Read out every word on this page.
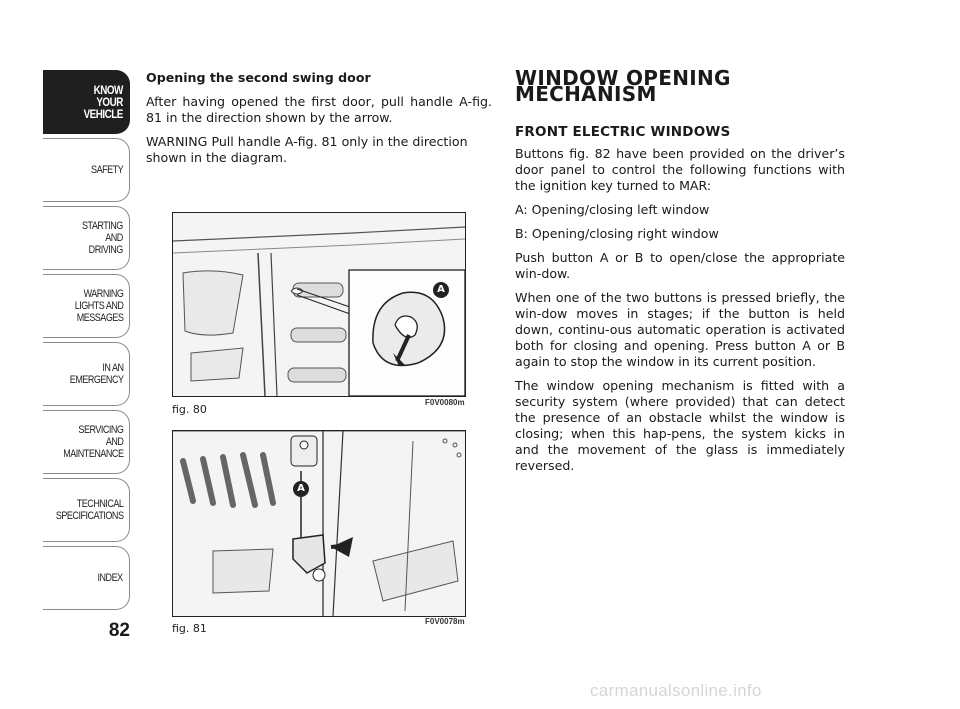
KNOW
YOUR
VEHICLE
SAFETY
STARTING
AND
DRIVING
WARNING
LIGHTS AND
MESSAGES
IN AN
EMERGENCY
SERVICING
AND
MAINTENANCE
TECHNICAL
SPECIFICATIONS
INDEX
82

Opening the second swing door

After having opened the first door, pull handle A-fig. 81 in the direction shown by the arrow.

WARNING Pull handle A-fig. 81 only in the direction shown in the diagram.

A
fig. 80
F0V0080m
A
fig. 81
F0V0078m
WINDOW OPENING MECHANISM
FRONT ELECTRIC WINDOWS

Buttons fig. 82 have been provided on the driver’s door panel to control the following functions with the ignition key turned to MAR:

A: Opening/closing left window

B: Opening/closing right window

Push button A or B to open/close the appropriate win-dow.

When one of the two buttons is pressed briefly, the win-dow moves in stages; if the button is held down, continu-ous automatic operation is activated both for closing and opening. Press button A or B again to stop the window in its current position.

The window opening mechanism is fitted with a security system (where provided) that can detect the presence of an obstacle whilst the window is closing; when this hap-pens, the system kicks in and the movement of the glass is immediately reversed.

carmanualsonline.info
